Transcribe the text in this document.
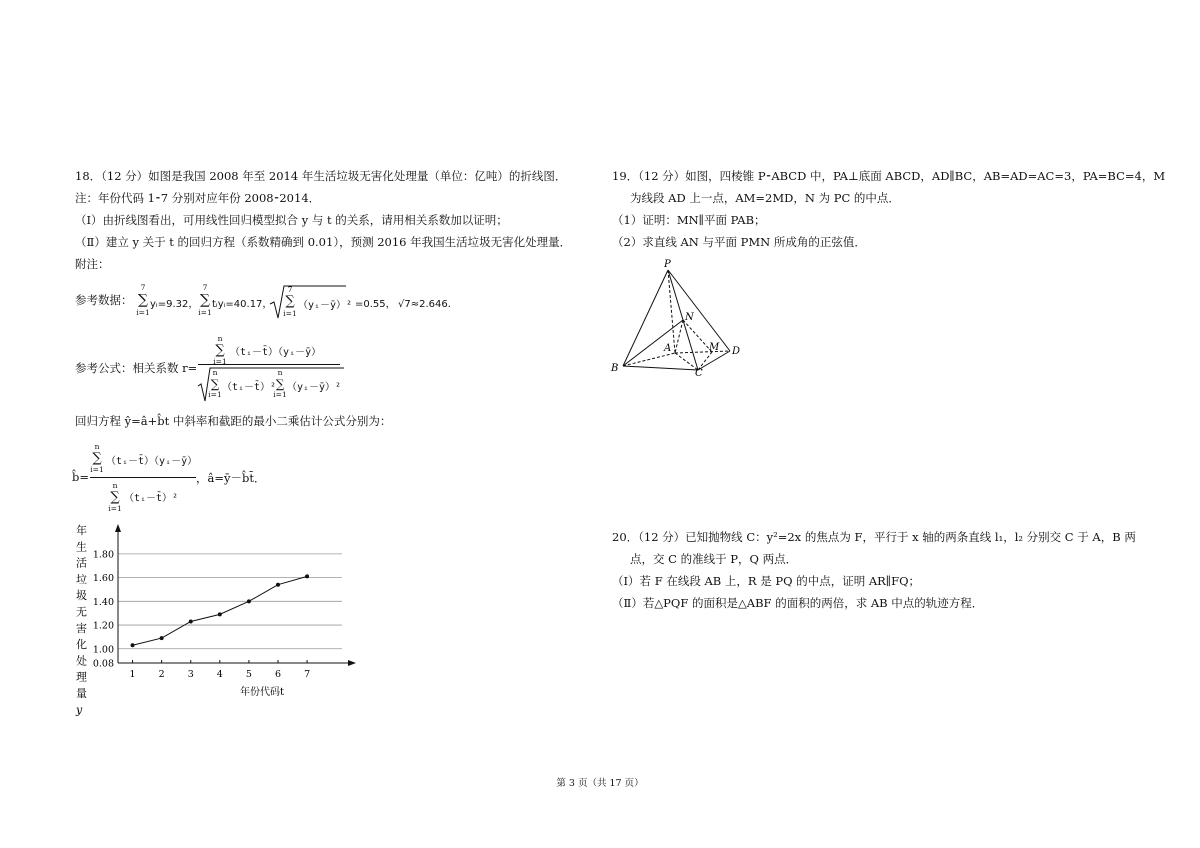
18．（12 分）如图是我国 2008 年至 2014 年生活垃圾无害化处理量（单位：亿吨）的折线图．
注：年份代码 1⁃7 分别对应年份 2008⁃2014．
（Ⅰ）由折线图看出，可用线性回归模型拟合 y 与 t 的关系，请用相关系数加以证明；
（Ⅱ）建立 y 关于 t 的回归方程（系数精确到 0.01），预测 2016 年我国生活垃圾无害化处理量．
附注：
参考数据：
7
∑
i=1
yᵢ=9.32，
7
∑
i=1
tᵢyᵢ=40.17，
7
∑
i=1
（yᵢ－ȳ）² =0.55， √7≈2.646．
参考公式：相关系数 r=
n
∑
i=1
（tᵢ－t̄）（yᵢ－ȳ）
n
∑
i=1
（tᵢ－t̄）²
n
∑
i=1
（yᵢ－ȳ）²
回归方程 ŷ=â+b̂t 中斜率和截距的最小二乘估计公式分别为：
n
∑
i=1
（tᵢ－t̄）（yᵢ－ȳ）
b̂=
n
∑
i=1
（tᵢ－t̄）²
，â=ȳ－b̂t̄．
年
生
活
垃
圾
无
害
化
处
理
量
y
1.80
1.60
1.40
1.20
1.00
0.08
1 2 3 4 5 6 7
年份代码t
19．（12 分）如图，四棱锥 P⁃ABCD 中，PA⊥底面 ABCD，AD∥BC，AB=AD=AC=3，PA=BC=4，M
为线段 AD 上一点，AM=2MD，N 为 PC 的中点．
（1）证明：MN∥平面 PAB；
（2）求直线 AN 与平面 PMN 所成角的正弦值．
P
N
A	M D
B	C
20．（12 分）已知抛物线 C：y²=2x 的焦点为 F，平行于 x 轴的两条直线 l₁，l₂ 分别交 C 于 A，B 两
点，交 C 的准线于 P，Q 两点．
（Ⅰ）若 F 在线段 AB 上，R 是 PQ 的中点，证明 AR∥FQ；
（Ⅱ）若△PQF 的面积是△ABF 的面积的两倍，求 AB 中点的轨迹方程．
第 3 页（共 17 页）
